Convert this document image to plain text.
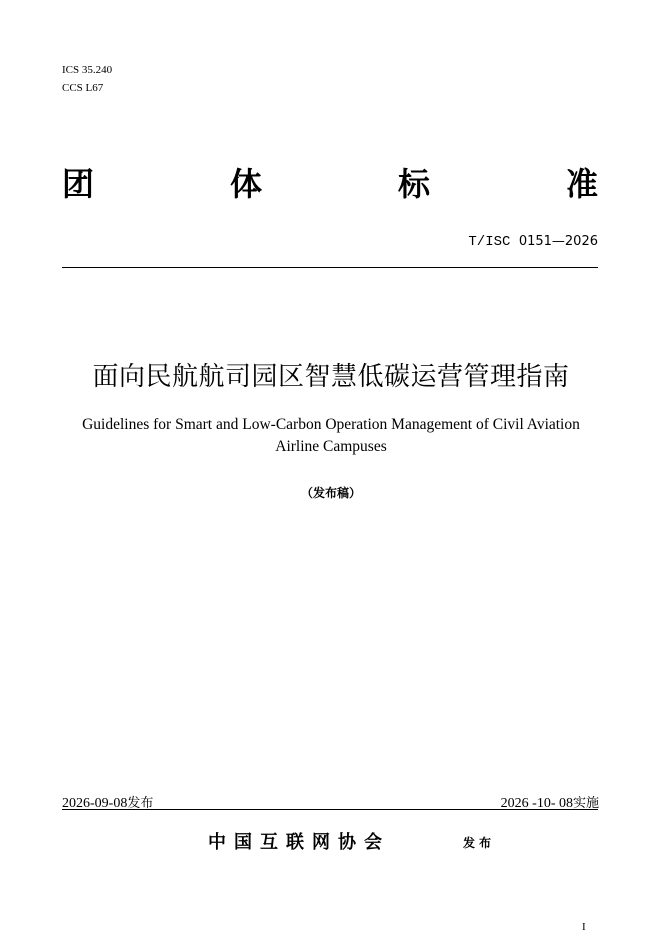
ICS 35.240
CCS L67
团	体	标	准
T/ISC 0151—2026
面向民航航司园区智慧低碳运营管理指南
Guidelines for Smart and Low-Carbon Operation Management of Civil Aviation
Airline Campuses
（发布稿）
2026-09-08发布	2026 -10- 08实施
中国互联网协会	发布
I
